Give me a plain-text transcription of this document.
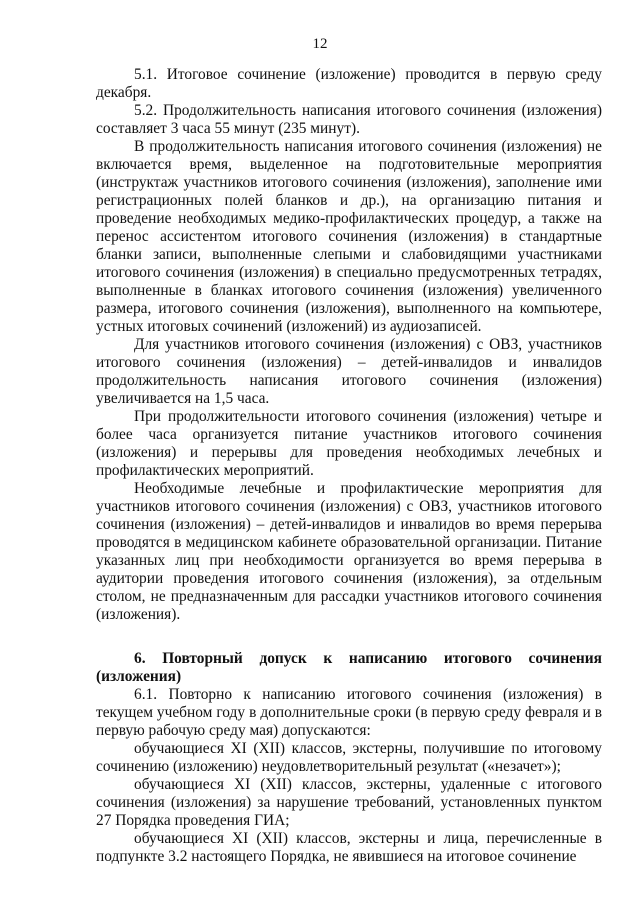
12

5.1. Итоговое сочинение (изложение) проводится в первую среду декабря.

5.2. Продолжительность написания итогового сочинения (изложения) составляет 3 часа 55 минут (235 минут).

В продолжительность написания итогового сочинения (изложения) не включается время, выделенное на подготовительные мероприятия (инструктаж участников итогового сочинения (изложения), заполнение ими регистрационных полей бланков и др.), на организацию питания и проведение необходимых медико-профилактических процедур, а также на перенос ассистентом итогового сочинения (изложения) в стандартные бланки записи, выполненные слепыми и слабовидящими участниками итогового сочинения (изложения) в специально предусмотренных тетрадях, выполненные в бланках итогового сочинения (изложения) увеличенного размера, итогового сочинения (изложения), выполненного на компьютере, устных итоговых сочинений (изложений) из аудиозаписей.

Для участников итогового сочинения (изложения) с ОВЗ, участников итогового сочинения (изложения) – детей-инвалидов и инвалидов продолжительность написания итогового сочинения (изложения) увеличивается на 1,5 часа.

При продолжительности итогового сочинения (изложения) четыре и более часа организуется питание участников итогового сочинения (изложения) и перерывы для проведения необходимых лечебных и профилактических мероприятий.

Необходимые лечебные и профилактические мероприятия для участников итогового сочинения (изложения) с ОВЗ, участников итогового сочинения (изложения) – детей-инвалидов и инвалидов во время перерыва проводятся в медицинском кабинете образовательной организации. Питание указанных лиц при необходимости организуется во время перерыва в аудитории проведения итогового сочинения (изложения), за отдельным столом, не предназначенным для рассадки участников итогового сочинения (изложения).

6. Повторный допуск к написанию итогового сочинения (изложения)

6.1. Повторно к написанию итогового сочинения (изложения) в текущем учебном году в дополнительные сроки (в первую среду февраля и в первую рабочую среду мая) допускаются:

обучающиеся XI (XII) классов, экстерны, получившие по итоговому сочинению (изложению) неудовлетворительный результат («незачет»);

обучающиеся XI (XII) классов, экстерны, удаленные с итогового сочинения (изложения) за нарушение требований, установленных пунктом 27 Порядка проведения ГИА;

обучающиеся XI (XII) классов, экстерны и лица, перечисленные в подпункте 3.2 настоящего Порядка, не явившиеся на итоговое сочинение
